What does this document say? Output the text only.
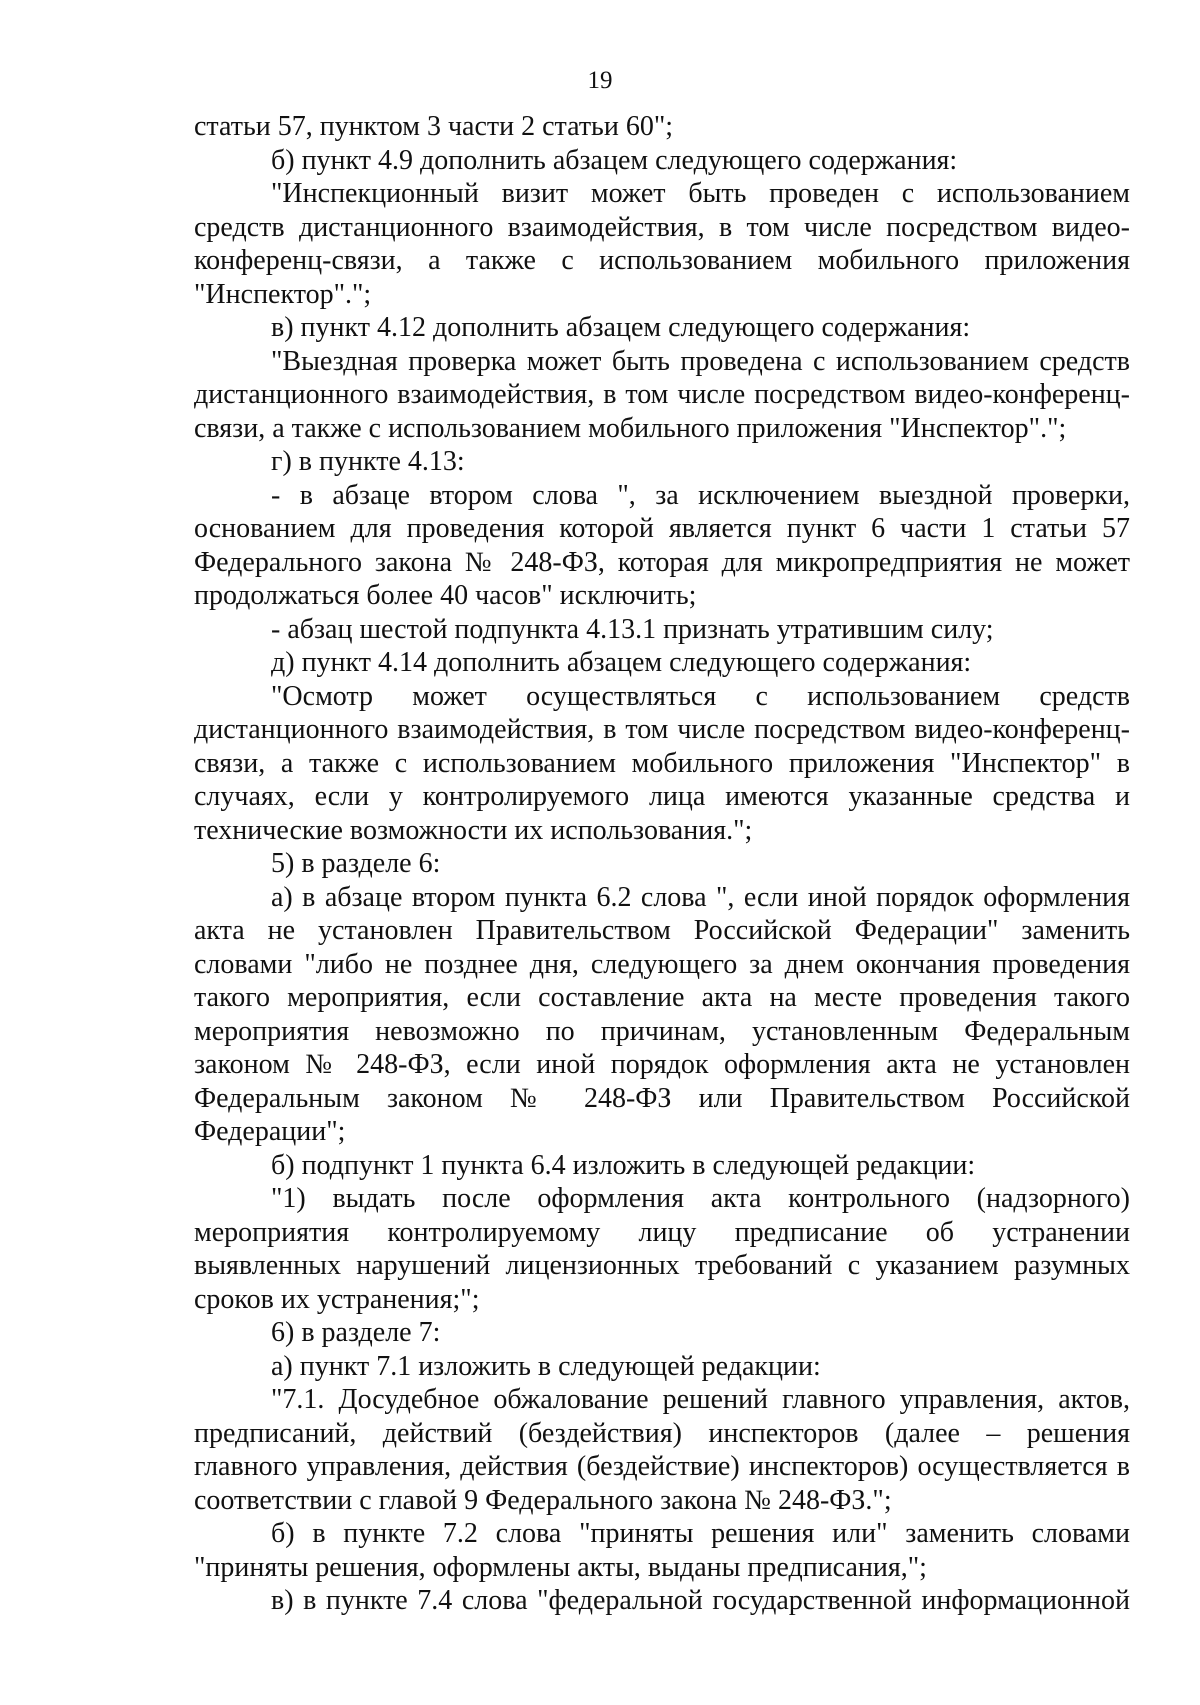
19
статьи 57, пунктом 3 части 2 статьи 60";
б) пункт 4.9 дополнить абзацем следующего содержания:
"Инспекционный визит может быть проведен с использованием
средств дистанционного взаимодействия, в том числе посредством видео-
конференц-связи, а также с использованием мобильного приложения
"Инспектор".";
в) пункт 4.12 дополнить абзацем следующего содержания:
"Выездная проверка может быть проведена с использованием средств
дистанционного взаимодействия, в том числе посредством видео-конференц-
связи, а также с использованием мобильного приложения "Инспектор".";
г) в пункте 4.13:
- в абзаце втором слова ", за исключением выездной проверки,
основанием для проведения которой является пункт 6 части 1 статьи 57
Федерального закона № 248-ФЗ, которая для микропредприятия не может
продолжаться более 40 часов" исключить;
- абзац шестой подпункта 4.13.1 признать утратившим силу;
д) пункт 4.14 дополнить абзацем следующего содержания:
"Осмотр может осуществляться с использованием средств
дистанционного взаимодействия, в том числе посредством видео-конференц-
связи, а также с использованием мобильного приложения "Инспектор" в
случаях, если у контролируемого лица имеются указанные средства и
технические возможности их использования.";
5) в разделе 6:
а) в абзаце втором пункта 6.2 слова ", если иной порядок оформления
акта не установлен Правительством Российской Федерации" заменить
словами "либо не позднее дня, следующего за днем окончания проведения
такого мероприятия, если составление акта на месте проведения такого
мероприятия невозможно по причинам, установленным Федеральным
законом № 248-ФЗ, если иной порядок оформления акта не установлен
Федеральным законом № 248-ФЗ или Правительством Российской
Федерации";
б) подпункт 1 пункта 6.4 изложить в следующей редакции:
"1) выдать после оформления акта контрольного (надзорного)
мероприятия контролируемому лицу предписание об устранении
выявленных нарушений лицензионных требований с указанием разумных
сроков их устранения;";
6) в разделе 7:
а) пункт 7.1 изложить в следующей редакции:
"7.1. Досудебное обжалование решений главного управления, актов,
предписаний, действий (бездействия) инспекторов (далее – решения
главного управления, действия (бездействие) инспекторов) осуществляется в
соответствии с главой 9 Федерального закона № 248-ФЗ.";
б) в пункте 7.2 слова "приняты решения или" заменить словами
"приняты решения, оформлены акты, выданы предписания,";
в) в пункте 7.4 слова "федеральной государственной информационной
